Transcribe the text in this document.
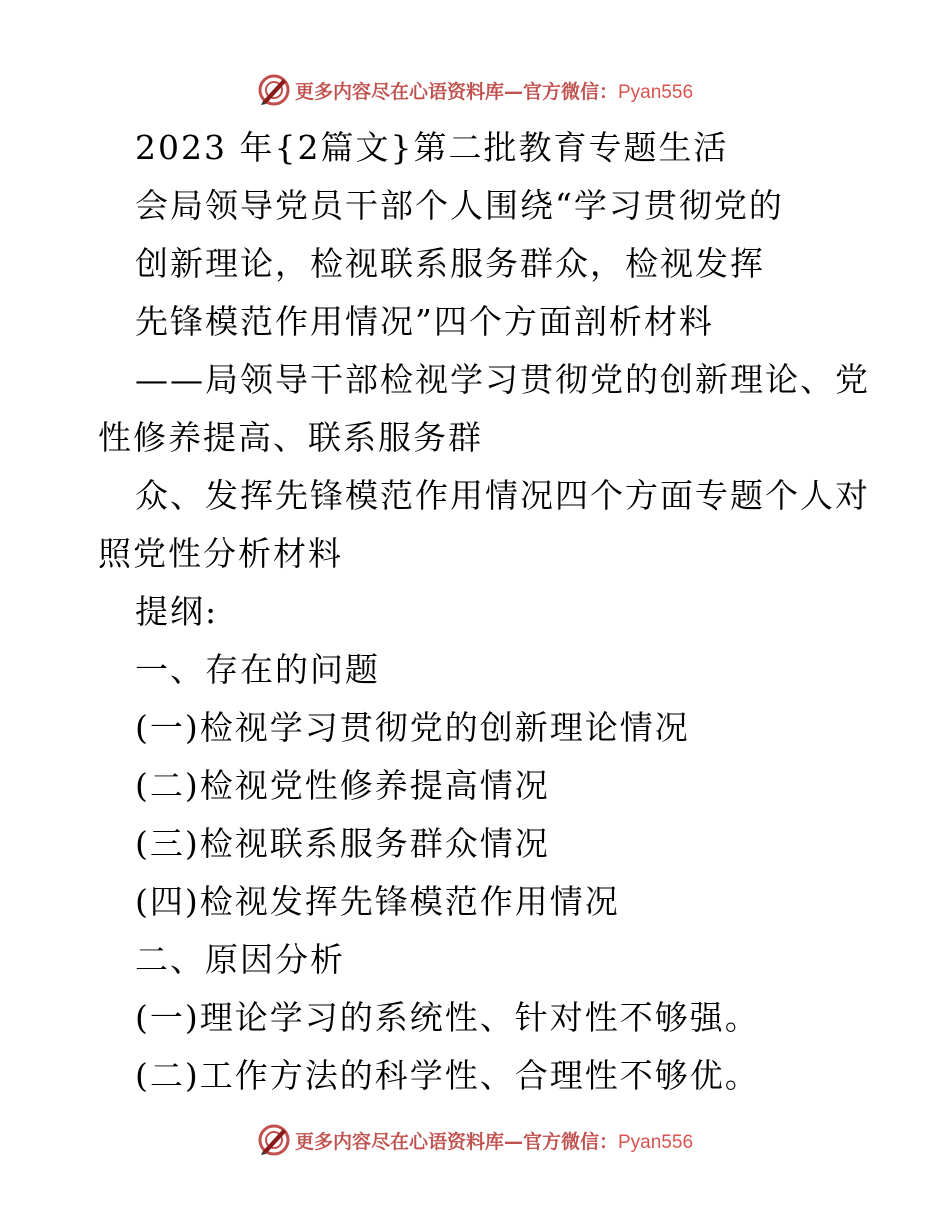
更多内容尽在心语资料库—官方微信：Pyan556
2023 年{2篇文}第二批教育专题生活
会局领导党员干部个人围绕“学习贯彻党的
创新理论，检视联系服务群众，检视发挥
先锋模范作用情况”四个方面剖析材料
——局领导干部检视学习贯彻党的创新理论、党
性修养提高、联系服务群
众、发挥先锋模范作用情况四个方面专题个人对
照党性分析材料
提纲:
一、存在的问题
(一)检视学习贯彻党的创新理论情况
(二)检视党性修养提高情况
(三)检视联系服务群众情况
(四)检视发挥先锋模范作用情况
二、原因分析
(一)理论学习的系统性、针对性不够强。
(二)工作方法的科学性、合理性不够优。
更多内容尽在心语资料库—官方微信：Pyan556
